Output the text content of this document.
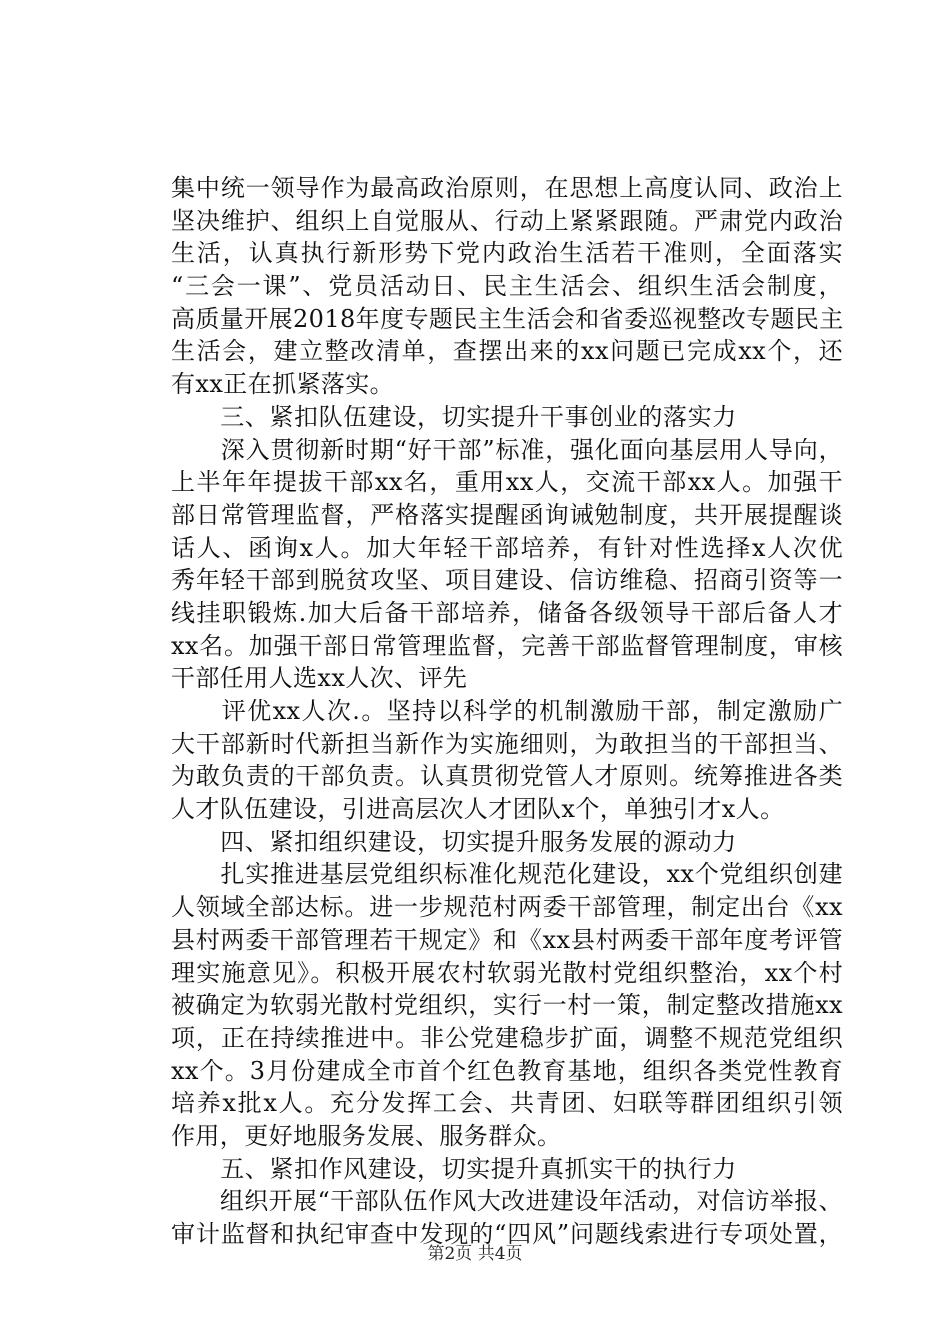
集中统一领导作为最高政治原则，在思想上高度认同、政治上
坚决维护、组织上自觉服从、行动上紧紧跟随。严肃党内政治
生活，认真执行新形势下党内政治生活若干准则，全面落实
“三会一课”、党员活动日、民主生活会、组织生活会制度，
高质量开展2018年度专题民主生活会和省委巡视整改专题民主
生活会，建立整改清单，查摆出来的xx问题已完成xx个，还
有xx正在抓紧落实。
　　三、紧扣队伍建设，切实提升干事创业的落实力
　　深入贯彻新时期“好干部”标准，强化面向基层用人导向，
上半年年提拔干部xx名，重用xx人，交流干部xx人。加强干
部日常管理监督，严格落实提醒函询诫勉制度，共开展提醒谈
话人、函询x人。加大年轻干部培养，有针对性选择x人次优
秀年轻干部到脱贫攻坚、项目建设、信访维稳、招商引资等一
线挂职锻炼.加大后备干部培养，储备各级领导干部后备人才
xx名。加强干部日常管理监督，完善干部监督管理制度，审核
干部任用人选xx人次、评先
　　评优xx人次.。坚持以科学的机制激励干部，制定激励广
大干部新时代新担当新作为实施细则，为敢担当的干部担当、
为敢负责的干部负责。认真贯彻党管人才原则。统筹推进各类
人才队伍建设，引进高层次人才团队x个，单独引才x人。
　　四、紧扣组织建设，切实提升服务发展的源动力
　　扎实推进基层党组织标准化规范化建设，xx个党组织创建
人领域全部达标。进一步规范村两委干部管理，制定出台《xx
县村两委干部管理若干规定》和《xx县村两委干部年度考评管
理实施意见》。积极开展农村软弱光散村党组织整治，xx个村
被确定为软弱光散村党组织，实行一村一策，制定整改措施xx
项，正在持续推进中。非公党建稳步扩面，调整不规范党组织
xx个。3月份建成全市首个红色教育基地，组织各类党性教育
培养x批x人。充分发挥工会、共青团、妇联等群团组织引领
作用，更好地服务发展、服务群众。
　　五、紧扣作风建设，切实提升真抓实干的执行力
　　组织开展“干部队伍作风大改进建设年活动，对信访举报、
审计监督和执纪审查中发现的“四风”问题线索进行专项处置，
第2页 共4页
